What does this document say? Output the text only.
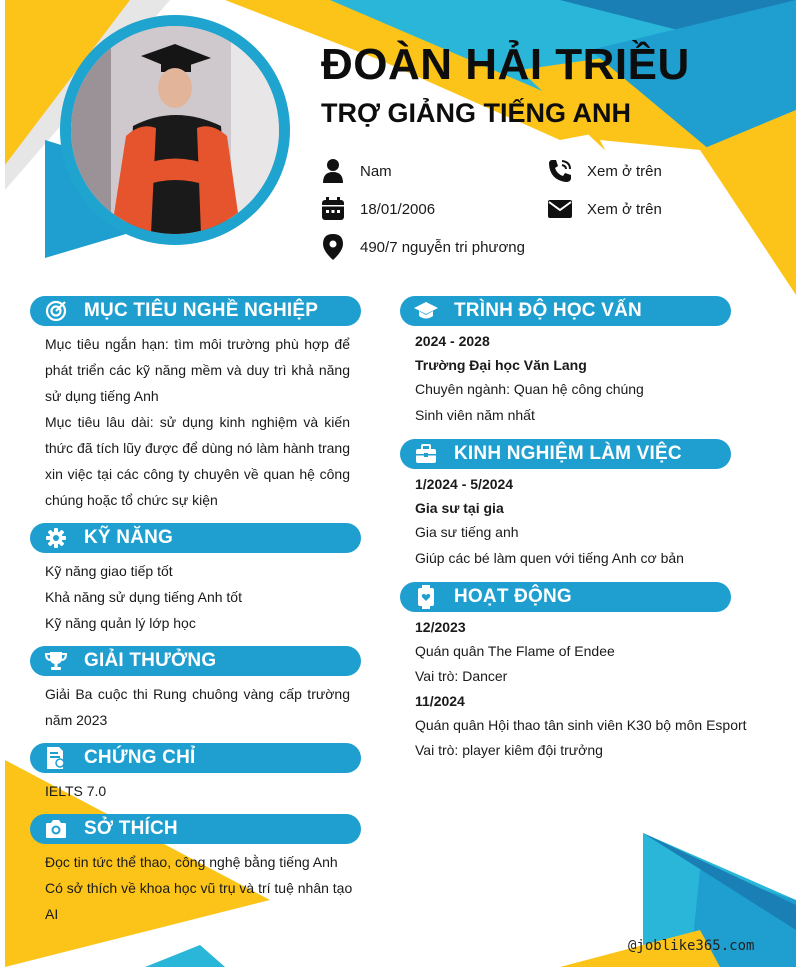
ĐOÀN HẢI TRIỀU
TRỢ GIẢNG TIẾNG ANH
Nam
18/01/2006
490/7 nguyễn tri phương
Xem ở trên
Xem ở trên
MỤC TIÊU NGHỀ NGHIỆP

Mục tiêu ngắn hạn: tìm môi trường phù hợp để phát triển các kỹ năng mềm và duy trì khả năng sử dụng tiếng Anh

Mục tiêu lâu dài: sử dụng kinh nghiệm và kiến thức đã tích lũy được để dùng nó làm hành trang xin việc tại các công ty chuyên về quan hệ công chúng hoặc tổ chức sự kiện

KỸ NĂNG

Kỹ năng giao tiếp tốt

Khả năng sử dụng tiếng Anh tốt

Kỹ năng quản lý lớp học

GIẢI THƯỞNG

Giải Ba cuộc thi Rung chuông vàng cấp trường năm 2023

CHỨNG CHỈ

IELTS 7.0

SỞ THÍCH

Đọc tin tức thể thao, công nghệ bằng tiếng Anh

Có sở thích về khoa học vũ trụ và trí tuệ nhân tạo AI

TRÌNH ĐỘ HỌC VẤN

2024 - 2028

Trường Đại học Văn Lang

Chuyên ngành: Quan hệ công chúng

Sinh viên năm nhất

KINH NGHIỆM LÀM VIỆC

1/2024 - 5/2024

Gia sư tại gia

Gia sư tiếng anh

Giúp các bé làm quen với tiếng Anh cơ bản

HOẠT ĐỘNG

12/2023

Quán quân The Flame of Endee

Vai trò: Dancer

11/2024

Quán quân Hội thao tân sinh viên K30 bộ môn Esport

Vai trò: player kiêm đội trưởng

@joblike365.com
